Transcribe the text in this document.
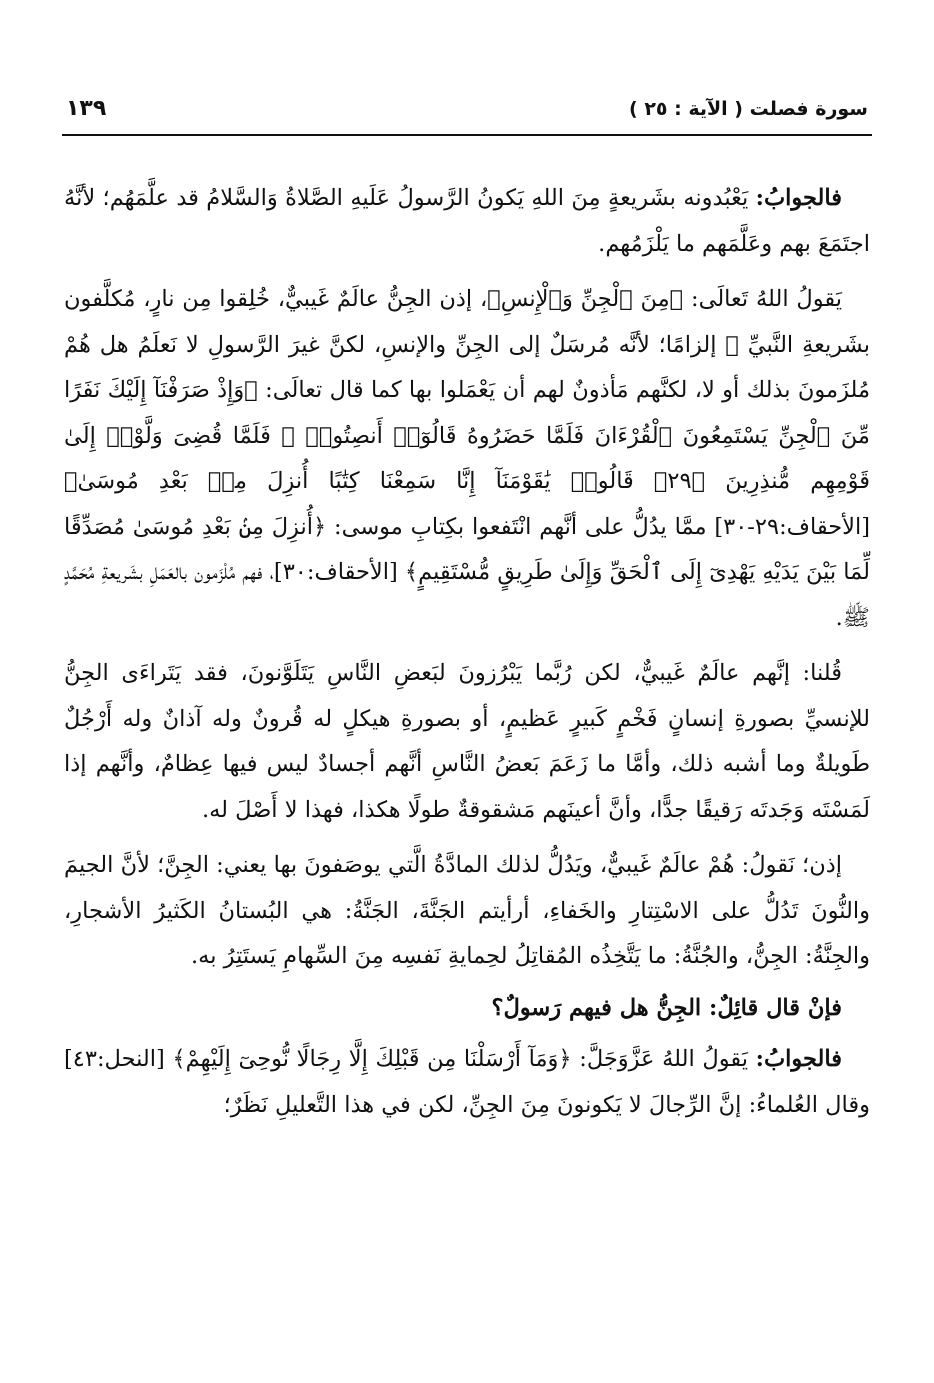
سورة فصلت ( الآية : ٢٥ )
١٣٩

فالجوابُ: يَعْبُدونه بشَريعةٍ مِنَ اللهِ يَكونُ الرَّسولُ عَلَيهِ الصَّلاةُ وَالسَّلامُ قد علَّمَهُم؛ لأنَّهُ اجتَمَعَ بهم وعَلَّمَهم ما يَلْزَمُهم.

يَقولُ اللهُ تَعالَى: ﴿مِنَ ٱلْجِنِّ وَٱلْإِنسِ﴾، إذن الجِنُّ عالَمٌ غَيبيٌّ، خُلِقوا مِن نارٍ، مُكلَّفون بشَريعةِ النَّبيِّ ﷺ إلزامًا؛ لأنَّه مُرسَلٌ إلى الجِنِّ والإنسِ، لكنَّ غيرَ الرَّسولِ لا نَعلَمُ هل هُمْ مُلزَمونَ بذلك أو لا، لكنَّهم مَأذونٌ لهم أن يَعْمَلوا بها كما قال تعالَى: ﴿وَإِذْ صَرَفْنَآ إِلَيْكَ نَفَرًا مِّنَ ٱلْجِنِّ يَسْتَمِعُونَ ٱلْقُرْءَانَ فَلَمَّا حَضَرُوهُ قَالُوٓا۟ أَنصِتُوا۟ ۖ فَلَمَّا قُضِىَ وَلَّوْا۟ إِلَىٰ قَوْمِهِم مُّنذِرِينَ ﴿٢٩﴾ قَالُوا۟ يَٰقَوْمَنَآ إِنَّا سَمِعْنَا كِتَٰبًا أُنزِلَ مِنۢ بَعْدِ مُوسَىٰ﴾ [الأحقاف:٢٩-٣٠] ممَّا يدُلُّ على أنَّهم انْتَفعوا بكِتابِ موسى: ﴿أُنزِلَ مِنۢ بَعْدِ مُوسَىٰ مُصَدِّقًا لِّمَا بَيْنَ يَدَيْهِ يَهْدِىٓ إِلَى ٱلْحَقِّ وَإِلَىٰ طَرِيقٍ مُّسْتَقِيمٍ﴾ [الأحقاف:٣٠]، فهم مُلْزَمون بالعَمَلِ بشَريعةِ مُحَمَّدٍ ﷺ.

قُلنا: إنَّهم عالَمٌ غَيبيٌّ، لكن رُبَّما يَبْرُزونَ لبَعضِ النَّاسِ يَتَلَوَّنونَ، فقد يَتَراءَى الجِنُّ للإنسيِّ بصورةِ إنسانٍ فَخْمٍ كَبيرٍ عَظيمٍ، أو بصورةِ هيكلٍ له قُرونٌ وله آذانٌ وله أَرْجُلٌ طَويلةٌ وما أشبه ذلك، وأمَّا ما زَعَمَ بَعضُ النَّاسِ أنَّهم أجسادٌ ليس فيها عِظامٌ، وأنَّهم إذا لَمَسْتَه وَجَدتَه رَقيقًا جدًّا، وأنَّ أعينَهم مَشقوقةٌ طولًا هكذا، فهذا لا أَصْلَ له.

إذن؛ نَقولُ: هُمْ عالَمٌ غَيبيٌّ، ويَدُلُّ لذلك المادَّةُ الَّتي يوصَفونَ بها يعني: الجِنَّ؛ لأنَّ الجيمَ والنُّونَ تَدُلُّ على الاسْتِتارِ والخَفاءِ، أرأيتم الجَنَّةَ، الجَنَّةُ: هي البُستانُ الكَثيرُ الأشجارِ، والجِنَّةُ: الجِنُّ، والجُنَّةُ: ما يَتَّخِذُه المُقاتِلُ لحِمايةِ نَفسِه مِنَ السِّهامِ يَستَتِرُ به.

فإنْ قال قائِلٌ: الجِنُّ هل فيهم رَسولٌ؟

فالجوابُ: يَقولُ اللهُ عَزَّوَجَلَّ: ﴿وَمَآ أَرْسَلْنَا مِن قَبْلِكَ إِلَّا رِجَالًا نُّوحِىٓ إِلَيْهِمْ﴾ [النحل:٤٣] وقال العُلماءُ: إنَّ الرِّجالَ لا يَكونونَ مِنَ الجِنِّ، لكن في هذا التَّعليلِ نَظَرٌ؛
